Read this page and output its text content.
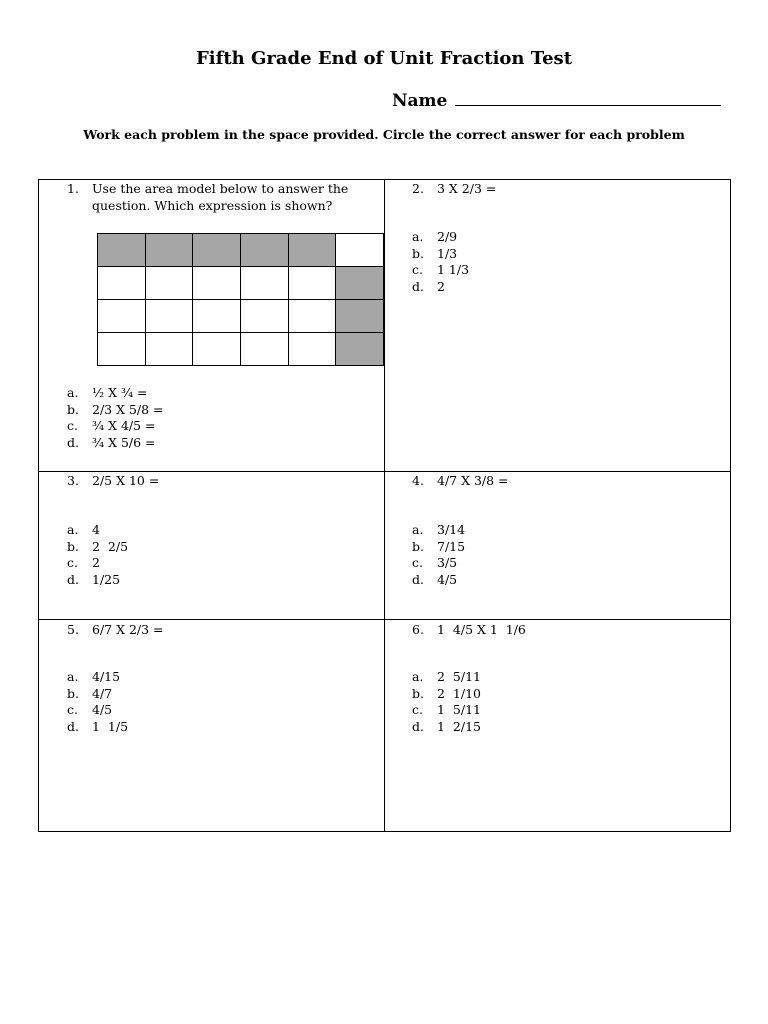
Fifth Grade End of Unit Fraction Test
Name
Work each problem in the space provided. Circle the correct answer for each problem
1. Use the area model below to answer the question. Which expression is shown?

a. ½ X ¾ =
b. 2/3 X 5/8 =
c. ¾ X 4/5 =
d. ¾ X 5/6 =
2. 3 X 2/3 =
a. 2/9
b. 1/3
c. 1 1/3
d. 2
3. 2/5 X 10 =
a. 4
b. 2  2/5
c. 2
d. 1/25
4. 4/7 X 3/8 =
a. 3/14
b. 7/15
c. 3/5
d. 4/5
5. 6/7 X 2/3 =
a. 4/15
b. 4/7
c. 4/5
d. 1  1/5
6. 1  4/5 X 1  1/6
a. 2  5/11
b. 2  1/10
c. 1  5/11
d. 1  2/15
